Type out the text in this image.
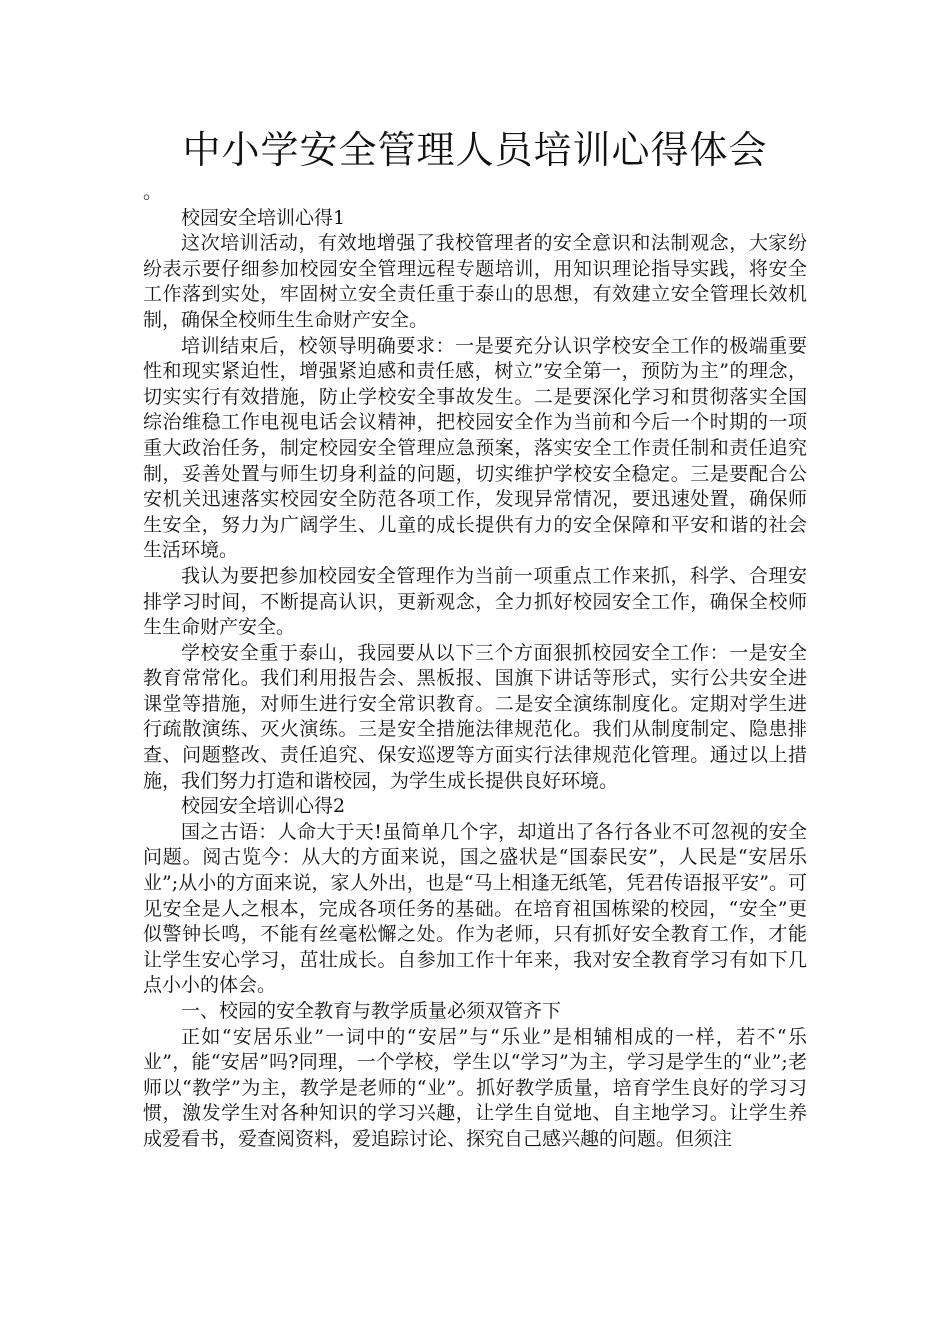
中小学安全管理人员培训心得体会

。

校园安全培训心得1

这次培训活动，有效地增强了我校管理者的安全意识和法制观念，大家纷纷表示要仔细参加校园安全管理远程专题培训，用知识理论指导实践，将安全工作落到实处，牢固树立安全责任重于泰山的思想，有效建立安全管理长效机制，确保全校师生生命财产安全。

培训结束后，校领导明确要求：一是要充分认识学校安全工作的极端重要性和现实紧迫性，增强紧迫感和责任感，树立”安全第一，预防为主”的理念，切实实行有效措施，防止学校安全事故发生。二是要深化学习和贯彻落实全国综治维稳工作电视电话会议精神，把校园安全作为当前和今后一个时期的一项重大政治任务，制定校园安全管理应急预案，落实安全工作责任制和责任追究制，妥善处置与师生切身利益的问题，切实维护学校安全稳定。三是要配合公安机关迅速落实校园安全防范各项工作，发现异常情况，要迅速处置，确保师生安全，努力为广阔学生、儿童的成长提供有力的安全保障和平安和谐的社会生活环境。

我认为要把参加校园安全管理作为当前一项重点工作来抓，科学、合理安排学习时间，不断提高认识，更新观念，全力抓好校园安全工作，确保全校师生生命财产安全。

学校安全重于泰山，我园要从以下三个方面狠抓校园安全工作：一是安全教育常常化。我们利用报告会、黑板报、国旗下讲话等形式，实行公共安全进课堂等措施，对师生进行安全常识教育。二是安全演练制度化。定期对学生进行疏散演练、灭火演练。三是安全措施法律规范化。我们从制度制定、隐患排查、问题整改、责任追究、保安巡逻等方面实行法律规范化管理。通过以上措施，我们努力打造和谐校园，为学生成长提供良好环境。

校园安全培训心得2

国之古语：人命大于天!虽简单几个字，却道出了各行各业不可忽视的安全问题。阅古览今：从大的方面来说，国之盛状是“国泰民安”，人民是“安居乐业”;从小的方面来说，家人外出，也是“马上相逢无纸笔，凭君传语报平安”。可见安全是人之根本，完成各项任务的基础。在培育祖国栋梁的校园，“安全”更似警钟长鸣，不能有丝毫松懈之处。作为老师，只有抓好安全教育工作，才能让学生安心学习，茁壮成长。自参加工作十年来，我对安全教育学习有如下几点小小的体会。

一、校园的安全教育与教学质量必须双管齐下

正如“安居乐业”一词中的“安居”与“乐业”是相辅相成的一样，若不“乐业”，能“安居”吗?同理，一个学校，学生以“学习”为主，学习是学生的“业”;老师以“教学”为主，教学是老师的“业”。抓好教学质量，培育学生良好的学习习惯，激发学生对各种知识的学习兴趣，让学生自觉地、自主地学习。让学生养成爱看书，爱查阅资料，爱追踪讨论、探究自己感兴趣的问题。但须注
